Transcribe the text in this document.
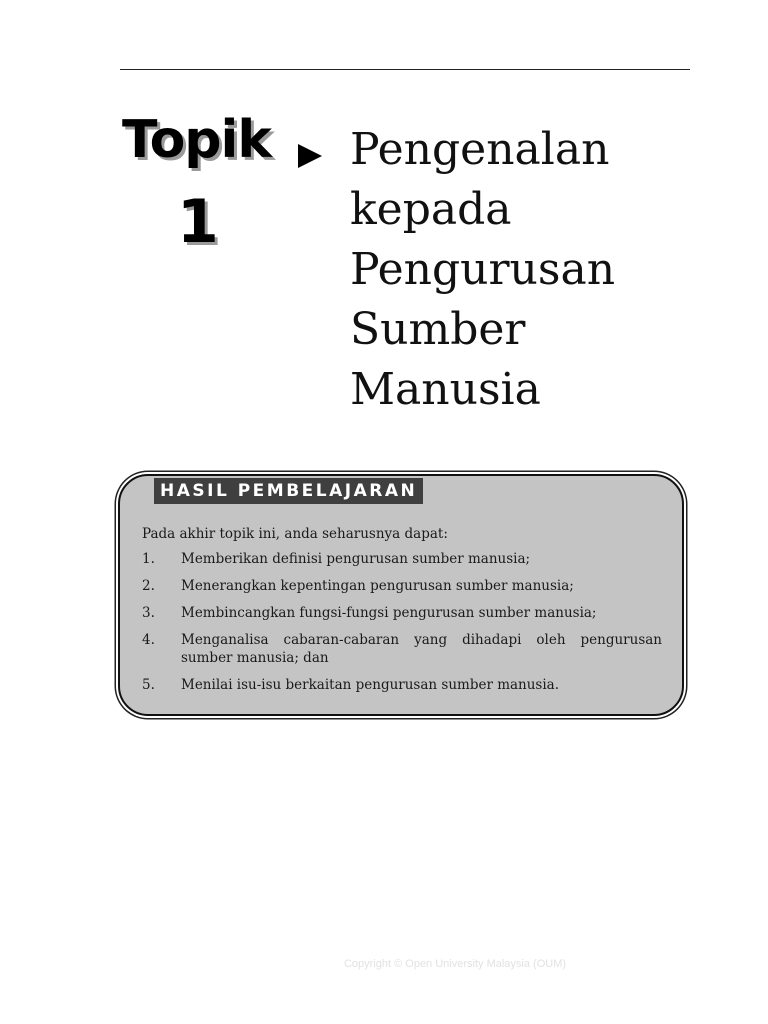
Topik
1
Pengenalan
kepada
Pengurusan
Sumber
Manusia
HASIL PEMBELAJARAN
Pada akhir topik ini, anda seharusnya dapat:
1.	Memberikan definisi pengurusan sumber manusia;
2.	Menerangkan kepentingan pengurusan sumber manusia;
3.	Membincangkan fungsi-fungsi pengurusan sumber manusia;
4.	Menganalisa cabaran-cabaran yang dihadapi oleh pengurusan sumber manusia; dan
5.	Menilai isu-isu berkaitan pengurusan sumber manusia.
Copyright © Open University Malaysia (OUM)
